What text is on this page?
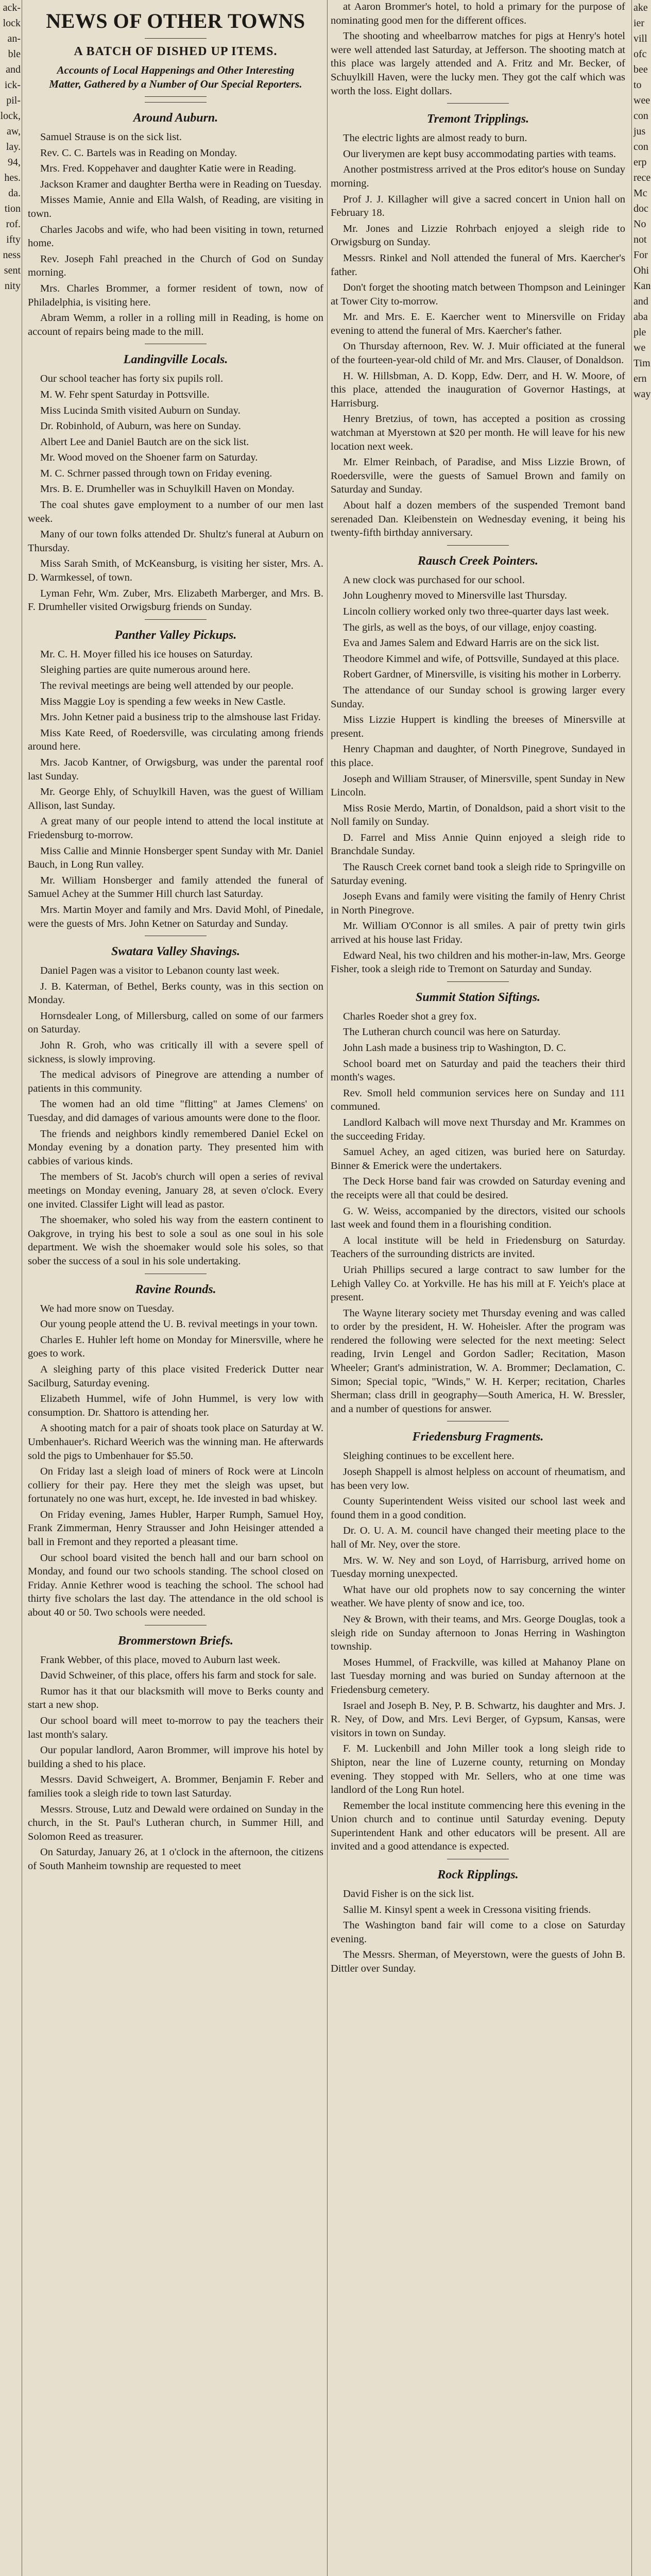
ack-
lock
an-
ble
and
ick-
pil-
lock,
aw,
lay.
94,
hes.
da.
tion
rof.
ifty
ness
sent
nity
ake
ier
vill
ofc
bee
to
wee
con
jus
con
erp
rece
Mc
doc
No
not
For
Ohi
Kan
and
aba
ple
we
Tim
ern
way
NEWS OF OTHER TOWNS
A BATCH OF DISHED UP ITEMS.
Accounts of Local Happenings and Other Interesting Matter, Gathered by a Number of Our Special Reporters.
Around Auburn.

Samuel Strause is on the sick list.

Rev. C. C. Bartels was in Reading on Monday.

Mrs. Fred. Koppehaver and daughter Katie were in Reading.

Jackson Kramer and daughter Bertha were in Reading on Tuesday.

Misses Mamie, Annie and Ella Walsh, of Reading, are visiting in town.

Charles Jacobs and wife, who had been visiting in town, returned home.

Rev. Joseph Fahl preached in the Church of God on Sunday morning.

Mrs. Charles Brommer, a former resident of town, now of Philadelphia, is visiting here.

Abram Wemm, a roller in a rolling mill in Reading, is home on account of repairs being made to the mill.

Landingville Locals.

Our school teacher has forty six pupils roll.

M. W. Fehr spent Saturday in Pottsville.

Miss Lucinda Smith visited Auburn on Sunday.

Dr. Robinhold, of Auburn, was here on Sunday.

Albert Lee and Daniel Bautch are on the sick list.

Mr. Wood moved on the Shoener farm on Saturday.

M. C. Schrner passed through town on Friday evening.

Mrs. B. E. Drumheller was in Schuylkill Haven on Monday.

The coal shutes gave employment to a number of our men last week.

Many of our town folks attended Dr. Shultz's funeral at Auburn on Thursday.

Miss Sarah Smith, of McKeansburg, is visiting her sister, Mrs. A. D. Warmkessel, of town.

Lyman Fehr, Wm. Zuber, Mrs. Elizabeth Marberger, and Mrs. B. F. Drumheller visited Orwigsburg friends on Sunday.

Panther Valley Pickups.

Mr. C. H. Moyer filled his ice houses on Saturday.

Sleighing parties are quite numerous around here.

The revival meetings are being well attended by our people.

Miss Maggie Loy is spending a few weeks in New Castle.

Mrs. John Ketner paid a business trip to the almshouse last Friday.

Miss Kate Reed, of Roedersville, was circulating among friends around here.

Mrs. Jacob Kantner, of Orwigsburg, was under the parental roof last Sunday.

Mr. George Ehly, of Schuylkill Haven, was the guest of William Allison, last Sunday.

A great many of our people intend to attend the local institute at Friedensburg to-morrow.

Miss Callie and Minnie Honsberger spent Sunday with Mr. Daniel Bauch, in Long Run valley.

Mr. William Honsberger and family attended the funeral of Samuel Achey at the Summer Hill church last Saturday.

Mrs. Martin Moyer and family and Mrs. David Mohl, of Pinedale, were the guests of Mrs. John Ketner on Saturday and Sunday.

Swatara Valley Shavings.

Daniel Pagen was a visitor to Lebanon county last week.

J. B. Katerman, of Bethel, Berks county, was in this section on Monday.

Hornsdealer Long, of Millersburg, called on some of our farmers on Saturday.

John R. Groh, who was critically ill with a severe spell of sickness, is slowly improving.

The medical advisors of Pinegrove are attending a number of patients in this community.

The women had an old time "flitting" at James Clemens' on Tuesday, and did damages of various amounts were done to the floor.

The friends and neighbors kindly remembered Daniel Eckel on Monday evening by a donation party. They presented him with cabbies of various kinds.

The members of St. Jacob's church will open a series of revival meetings on Monday evening, January 28, at seven o'clock. Every one invited. Classifer Light will lead as pastor.

The shoemaker, who soled his way from the eastern continent to Oakgrove, in trying his best to sole a soul as one soul in his sole department. We wish the shoemaker would sole his soles, so that sober the success of a soul in his sole undertaking.

Ravine Rounds.

We had more snow on Tuesday.

Our young people attend the U. B. revival meetings in your town.

Charles E. Huhler left home on Monday for Minersville, where he goes to work.

A sleighing party of this place visited Frederick Dutter near Sacilburg, Saturday evening.

Elizabeth Hummel, wife of John Hummel, is very low with consumption. Dr. Shattoro is attending her.

A shooting match for a pair of shoats took place on Saturday at W. Umbenhauer's. Richard Weerich was the winning man. He afterwards sold the pigs to Umbenhauer for $5.50.

On Friday last a sleigh load of miners of Rock were at Lincoln colliery for their pay. Here they met the sleigh was upset, but fortunately no one was hurt, except, he. Ide invested in bad whiskey.

On Friday evening, James Hubler, Harper Rumph, Samuel Hoy, Frank Zimmerman, Henry Strausser and John Heisinger attended a ball in Fremont and they reported a pleasant time.

Our school board visited the bench hall and our barn school on Monday, and found our two schools standing. The school closed on Friday. Annie Kethrer wood is teaching the school. The school had thirty five scholars the last day. The attendance in the old school is about 40 or 50. Two schools were needed.

Brommerstown Briefs.

Frank Webber, of this place, moved to Auburn last week.

David Schweiner, of this place, offers his farm and stock for sale.

Rumor has it that our blacksmith will move to Berks county and start a new shop.

Our school board will meet to-morrow to pay the teachers their last month's salary.

Our popular landlord, Aaron Brommer, will improve his hotel by building a shed to his place.

Messrs. David Schweigert, A. Brommer, Benjamin F. Reber and families took a sleigh ride to town last Saturday.

Messrs. Strouse, Lutz and Dewald were ordained on Sunday in the church, in the St. Paul's Lutheran church, in Summer Hill, and Solomon Reed as treasurer.

On Saturday, January 26, at 1 o'clock in the afternoon, the citizens of South Manheim township are requested to meet

at Aaron Brommer's hotel, to hold a primary for the purpose of nominating good men for the different offices.

The shooting and wheelbarrow matches for pigs at Henry's hotel were well attended last Saturday, at Jefferson. The shooting match at this place was largely attended and A. Fritz and Mr. Becker, of Schuylkill Haven, were the lucky men. They got the calf which was worth the loss. Eight dollars.

Tremont Tripplings.

The electric lights are almost ready to burn.

Our liverymen are kept busy accommodating parties with teams.

Another postmistress arrived at the Pros editor's house on Sunday morning.

Prof J. J. Killagher will give a sacred concert in Union hall on February 18.

Mr. Jones and Lizzie Rohrbach enjoyed a sleigh ride to Orwigsburg on Sunday.

Messrs. Rinkel and Noll attended the funeral of Mrs. Kaercher's father.

Don't forget the shooting match between Thompson and Leininger at Tower City to-morrow.

Mr. and Mrs. E. E. Kaercher went to Minersville on Friday evening to attend the funeral of Mrs. Kaercher's father.

On Thursday afternoon, Rev. W. J. Muir officiated at the funeral of the fourteen-year-old child of Mr. and Mrs. Clauser, of Donaldson.

H. W. Hillsbman, A. D. Kopp, Edw. Derr, and H. W. Moore, of this place, attended the inauguration of Governor Hastings, at Harrisburg.

Henry Bretzius, of town, has accepted a position as crossing watchman at Myerstown at $20 per month. He will leave for his new location next week.

Mr. Elmer Reinbach, of Paradise, and Miss Lizzie Brown, of Roedersville, were the guests of Samuel Brown and family on Saturday and Sunday.

About half a dozen members of the suspended Tremont band serenaded Dan. Kleibenstein on Wednesday evening, it being his twenty-fifth birthday anniversary.

Rausch Creek Pointers.

A new clock was purchased for our school.

John Loughenry moved to Minersville last Thursday.

Lincoln colliery worked only two three-quarter days last week.

The girls, as well as the boys, of our village, enjoy coasting.

Eva and James Salem and Edward Harris are on the sick list.

Theodore Kimmel and wife, of Pottsville, Sundayed at this place.

Robert Gardner, of Minersville, is visiting his mother in Lorberry.

The attendance of our Sunday school is growing larger every Sunday.

Miss Lizzie Huppert is kindling the breeses of Minersville at present.

Henry Chapman and daughter, of North Pinegrove, Sundayed in this place.

Joseph and William Strauser, of Minersville, spent Sunday in New Lincoln.

Miss Rosie Merdo, Martin, of Donaldson, paid a short visit to the Noll family on Sunday.

D. Farrel and Miss Annie Quinn enjoyed a sleigh ride to Branchdale Sunday.

The Rausch Creek cornet band took a sleigh ride to Springville on Saturday evening.

Joseph Evans and family were visiting the family of Henry Christ in North Pinegrove.

Mr. William O'Connor is all smiles. A pair of pretty twin girls arrived at his house last Friday.

Edward Neal, his two children and his mother-in-law, Mrs. George Fisher, took a sleigh ride to Tremont on Saturday and Sunday.

Summit Station Siftings.

Charles Roeder shot a grey fox.

The Lutheran church council was here on Saturday.

John Lash made a business trip to Washington, D. C.

School board met on Saturday and paid the teachers their third month's wages.

Rev. Smoll held communion services here on Sunday and 111 communed.

Landlord Kalbach will move next Thursday and Mr. Krammes on the succeeding Friday.

Samuel Achey, an aged citizen, was buried here on Saturday. Binner & Emerick were the undertakers.

The Deck Horse band fair was crowded on Saturday evening and the receipts were all that could be desired.

G. W. Weiss, accompanied by the directors, visited our schools last week and found them in a flourishing condition.

A local institute will be held in Friedensburg on Saturday. Teachers of the surrounding districts are invited.

Uriah Phillips secured a large contract to saw lumber for the Lehigh Valley Co. at Yorkville. He has his mill at F. Yeich's place at present.

The Wayne literary society met Thursday evening and was called to order by the president, H. W. Hoheisler. After the program was rendered the following were selected for the next meeting: Select reading, Irvin Lengel and Gordon Sadler; Recitation, Mason Wheeler; Grant's administration, W. A. Brommer; Declamation, C. Simon; Special topic, "Winds," W. H. Kerper; recitation, Charles Sherman; class drill in geography—South America, H. W. Bressler, and a number of questions for answer.

Friedensburg Fragments.

Sleighing continues to be excellent here.

Joseph Shappell is almost helpless on account of rheumatism, and has been very low.

County Superintendent Weiss visited our school last week and found them in a good condition.

Dr. O. U. A. M. council have changed their meeting place to the hall of Mr. Ney, over the store.

Mrs. W. W. Ney and son Loyd, of Harrisburg, arrived home on Tuesday morning unexpected.

What have our old prophets now to say concerning the winter weather. We have plenty of snow and ice, too.

Ney & Brown, with their teams, and Mrs. George Douglas, took a sleigh ride on Sunday afternoon to Jonas Herring in Washington township.

Moses Hummel, of Frackville, was killed at Mahanoy Plane on last Tuesday morning and was buried on Sunday afternoon at the Friedensburg cemetery.

Israel and Joseph B. Ney, P. B. Schwartz, his daughter and Mrs. J. R. Ney, of Dow, and Mrs. Levi Berger, of Gypsum, Kansas, were visitors in town on Sunday.

F. M. Luckenbill and John Miller took a long sleigh ride to Shipton, near the line of Luzerne county, returning on Monday evening. They stopped with Mr. Sellers, who at one time was landlord of the Long Run hotel.

Remember the local institute commencing here this evening in the Union church and to continue until Saturday evening. Deputy Superintendent Hank and other educators will be present. All are invited and a good attendance is expected.

Rock Ripplings.

David Fisher is on the sick list.

Sallie M. Kinsyl spent a week in Cressona visiting friends.

The Washington band fair will come to a close on Saturday evening.

The Messrs. Sherman, of Meyerstown, were the guests of John B. Dittler over Sunday.
